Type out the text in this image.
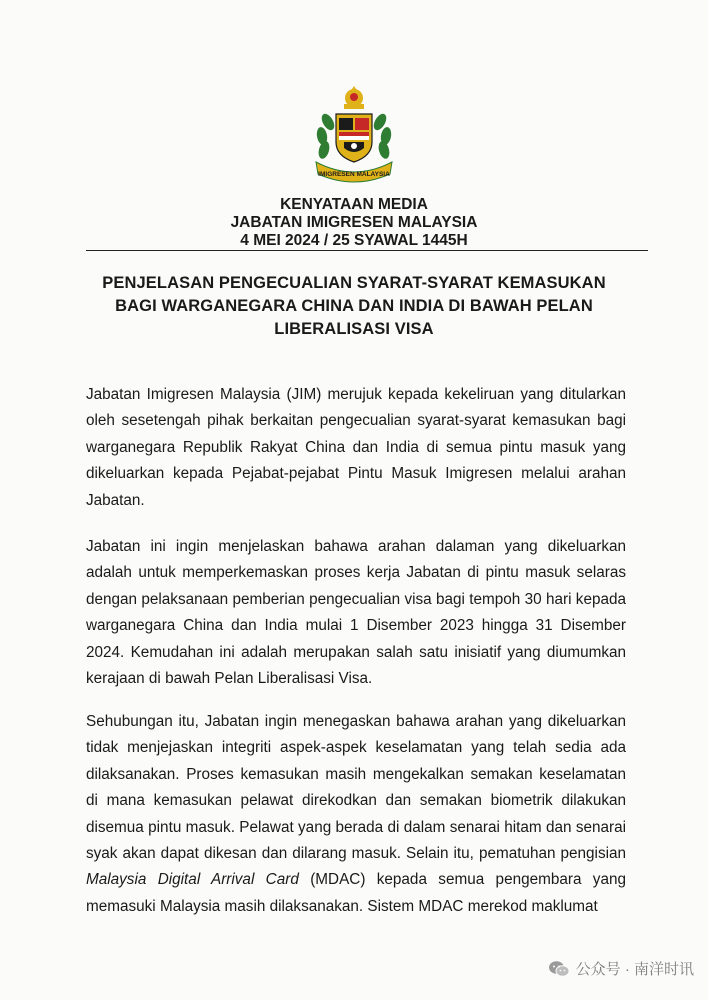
IMIGRESEN MALAYSIA
KENYATAAN MEDIA
JABATAN IMIGRESEN MALAYSIA
4 MEI 2024 / 25 SYAWAL 1445H
PENJELASAN PENGECUALIAN SYARAT-SYARAT KEMASUKAN
BAGI WARGANEGARA CHINA DAN INDIA DI BAWAH PELAN
LIBERALISASI VISA

Jabatan Imigresen Malaysia (JIM) merujuk kepada kekeliruan yang ditularkan oleh sesetengah pihak berkaitan pengecualian syarat-syarat kemasukan bagi warganegara Republik Rakyat China dan India di semua pintu masuk yang dikeluarkan kepada Pejabat-pejabat Pintu Masuk Imigresen melalui arahan Jabatan.

Jabatan ini ingin menjelaskan bahawa arahan dalaman yang dikeluarkan adalah untuk memperkemaskan proses kerja Jabatan di pintu masuk selaras dengan pelaksanaan pemberian pengecualian visa bagi tempoh 30 hari kepada warganegara China dan India mulai 1 Disember 2023 hingga 31 Disember 2024. Kemudahan ini adalah merupakan salah satu inisiatif yang diumumkan kerajaan di bawah Pelan Liberalisasi Visa.

Sehubungan itu, Jabatan ingin menegaskan bahawa arahan yang dikeluarkan tidak menjejaskan integriti aspek-aspek keselamatan yang telah sedia ada dilaksanakan. Proses kemasukan masih mengekalkan semakan keselamatan di mana kemasukan pelawat direkodkan dan semakan biometrik dilakukan disemua pintu masuk. Pelawat yang berada di dalam senarai hitam dan senarai syak akan dapat dikesan dan dilarang masuk. Selain itu, pematuhan pengisian Malaysia Digital Arrival Card (MDAC) kepada semua pengembara yang memasuki Malaysia masih dilaksanakan. Sistem MDAC merekod maklumat

公众号 · 南洋时讯
